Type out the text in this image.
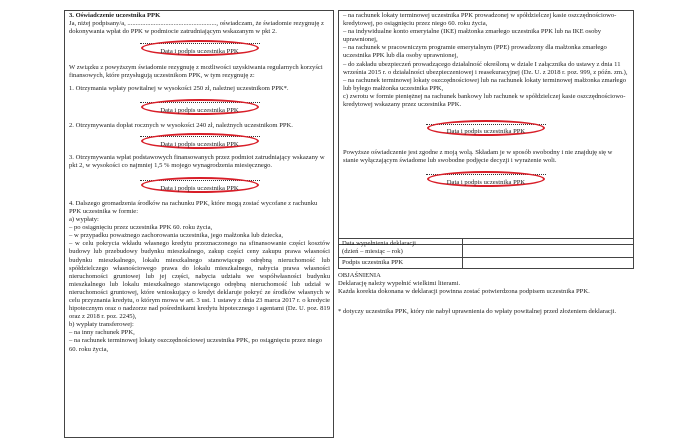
3. Oświadczenie uczestnika PPK

Ja, niżej podpisany/a, ......................................................, oświadczam, że świadomie rezygnuję z dokonywania wpłat do PPK w podmiocie zatrudniającym wskazanym w pkt 2.

Data i podpis uczestnika PPK

W związku z powyższym świadomie rezygnuję z możliwości uzyskiwania regularnych korzyści finansowych, które przysługują uczestnikom PPK, w tym rezygnuję z:

1. Otrzymania wpłaty powitalnej w wysokości 250 zł, należnej uczestnikom PPK*.

Data i podpis uczestnika PPK

2. Otrzymywania dopłat rocznych w wysokości 240 zł, należnych uczestnikom PPK.

Data i podpis uczestnika PPK

3. Otrzymywania wpłat podstawowych finansowanych przez podmiot zatrudniający wskazany w pkt 2, w wysokości co najmniej 1,5 % mojego wynagrodzenia miesięcznego.

Data i podpis uczestnika PPK

4. Dalszego gromadzenia środków na rachunku PPK, które mogą zostać wycofane z rachunku PPK uczestnika w formie:

a) wypłaty:

– po osiągnięciu przez uczestnika PPK 60. roku życia,

– w przypadku poważnego zachorowania uczestnika, jego małżonka lub dziecka,

– w celu pokrycia wkładu własnego kredytu przeznaczonego na sfinansowanie części kosztów budowy lub przebudowy budynku mieszkalnego, zakup części ceny zakupu prawa własności budynku mieszkalnego, lokalu mieszkalnego stanowiącego odrębną nieruchomość lub spółdzielczego własnościowego prawa do lokalu mieszkalnego, nabycia prawa własności nieruchomości gruntowej lub jej części, nabycia udziału we współwłasności budynku mieszkalnego lub lokalu mieszkalnego stanowiącego odrębną nieruchomość lub udział w nieruchomości gruntowej, które wnioskujący o kredyt deklaruje pokryć ze środków własnych w celu przyznania kredytu, o którym mowa w art. 3 ust. 1 ustawy z dnia 23 marca 2017 r. o kredycie hipotecznym oraz o nadzorze nad pośrednikami kredytu hipotecznego i agentami (Dz. U. poz. 819 oraz z 2018 r. poz. 2245),

b) wypłaty transferowej:

– na inny rachunek PPK,

– na rachunek terminowej lokaty oszczędnościowej uczestnika PPK, po osiągnięciu przez niego 60. roku życia,

– na rachunek lokaty terminowej uczestnika PPK prowadzonej w spółdzielczej kasie oszczędnościowo-kredytowej, po osiągnięciu przez niego 60. roku życia,

– na indywidualne konto emerytalne (IKE) małżonka zmarłego uczestnika PPK lub na IKE osoby uprawnionej,

– na rachunek w pracowniczym programie emerytalnym (PPE) prowadzony dla małżonka zmarłego uczestnika PPK lub dla osoby uprawnionej,

– do zakładu ubezpieczeń prowadzącego działalność określoną w dziale I załącznika do ustawy z dnia 11 września 2015 r. o działalności ubezpieczeniowej i reasekuracyjnej (Dz. U. z 2018 r. poz. 999, z późn. zm.),

– na rachunek terminowej lokaty oszczędnościowej lub na rachunek lokaty terminowej małżonka zmarłego lub byłego małżonka uczestnika PPK,

c) zwrotu w formie pieniężnej na rachunek bankowy lub rachunek w spółdzielczej kasie oszczędnościowo-kredytowej wskazany przez uczestnika PPK.

Data i podpis uczestnika PPK

Powyższe oświadczenie jest zgodne z moją wolą. Składam je w sposób swobodny i nie znajduję się w stanie wyłączającym świadome lub swobodne podjęcie decyzji i wyrażenie woli.

Data i podpis uczestnika PPK
Data wypełnienia deklaracji
(dzień – miesiąc – rok)	
Podpis uczestnika PPK	

OBJAŚNIENIA

Deklarację należy wypełnić wielkimi literami.

Każda korekta dokonana w deklaracji powinna zostać potwierdzona podpisem uczestnika PPK.

* dotyczy uczestnika PPK, który nie nabył uprawnienia do wpłaty powitalnej przed złożeniem deklaracji.
